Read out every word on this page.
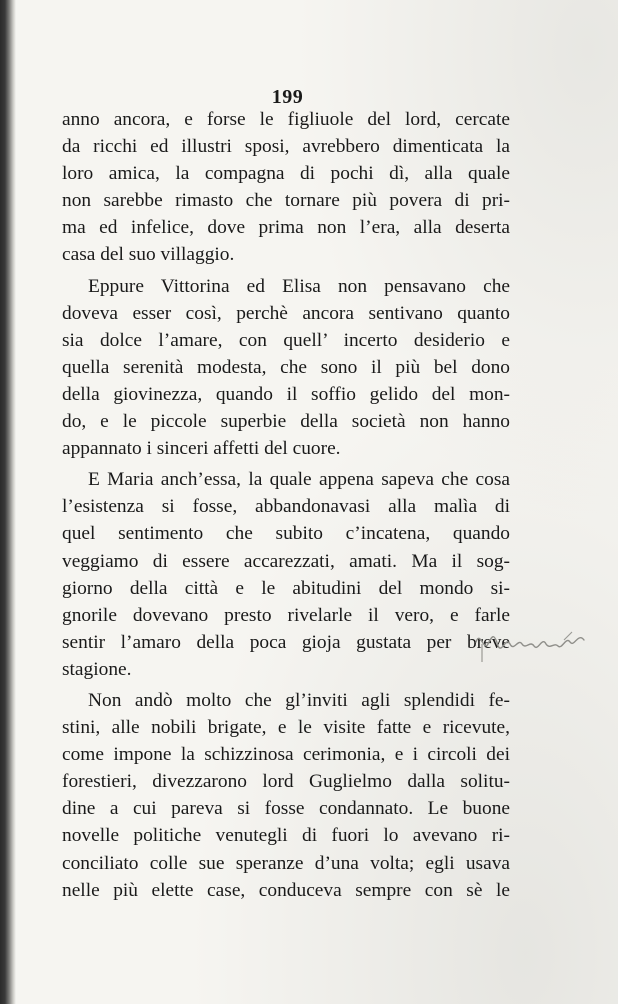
199
anno ancora, e forse le figliuole del lord, cercate
da ricchi ed illustri sposi, avrebbero dimenticata la
loro amica, la compagna di pochi dì, alla quale
non sarebbe rimasto che tornare più povera di pri-
ma ed infelice, dove prima non l’era, alla deserta
casa del suo villaggio.
Eppure Vittorina ed Elisa non pensavano che
doveva esser così, perchè ancora sentivano quanto
sia dolce l’amare, con quell’ incerto desiderio e
quella serenità modesta, che sono il più bel dono
della giovinezza, quando il soffio gelido del mon-
do, e le piccole superbie della società non hanno
appannato i sinceri affetti del cuore.
E Maria anch’essa, la quale appena sapeva che cosa
l’esistenza si fosse, abbandonavasi alla malìa di
quel sentimento che subito c’incatena, quando
veggiamo di essere accarezzati, amati. Ma il sog-
giorno della città e le abitudini del mondo si-
gnorile dovevano presto rivelarle il vero, e farle
sentir l’amaro della poca gioja gustata per breve
stagione.
Non andò molto che gl’inviti agli splendidi fe-
stini, alle nobili brigate, e le visite fatte e ricevute,
come impone la schizzinosa cerimonia, e i circoli dei
forestieri, divezzarono lord Guglielmo dalla solitu-
dine a cui pareva si fosse condannato. Le buone
novelle politiche venutegli di fuori lo avevano ri-
conciliato colle sue speranze d’una volta; egli usava
nelle più elette case, conduceva sempre con sè le
